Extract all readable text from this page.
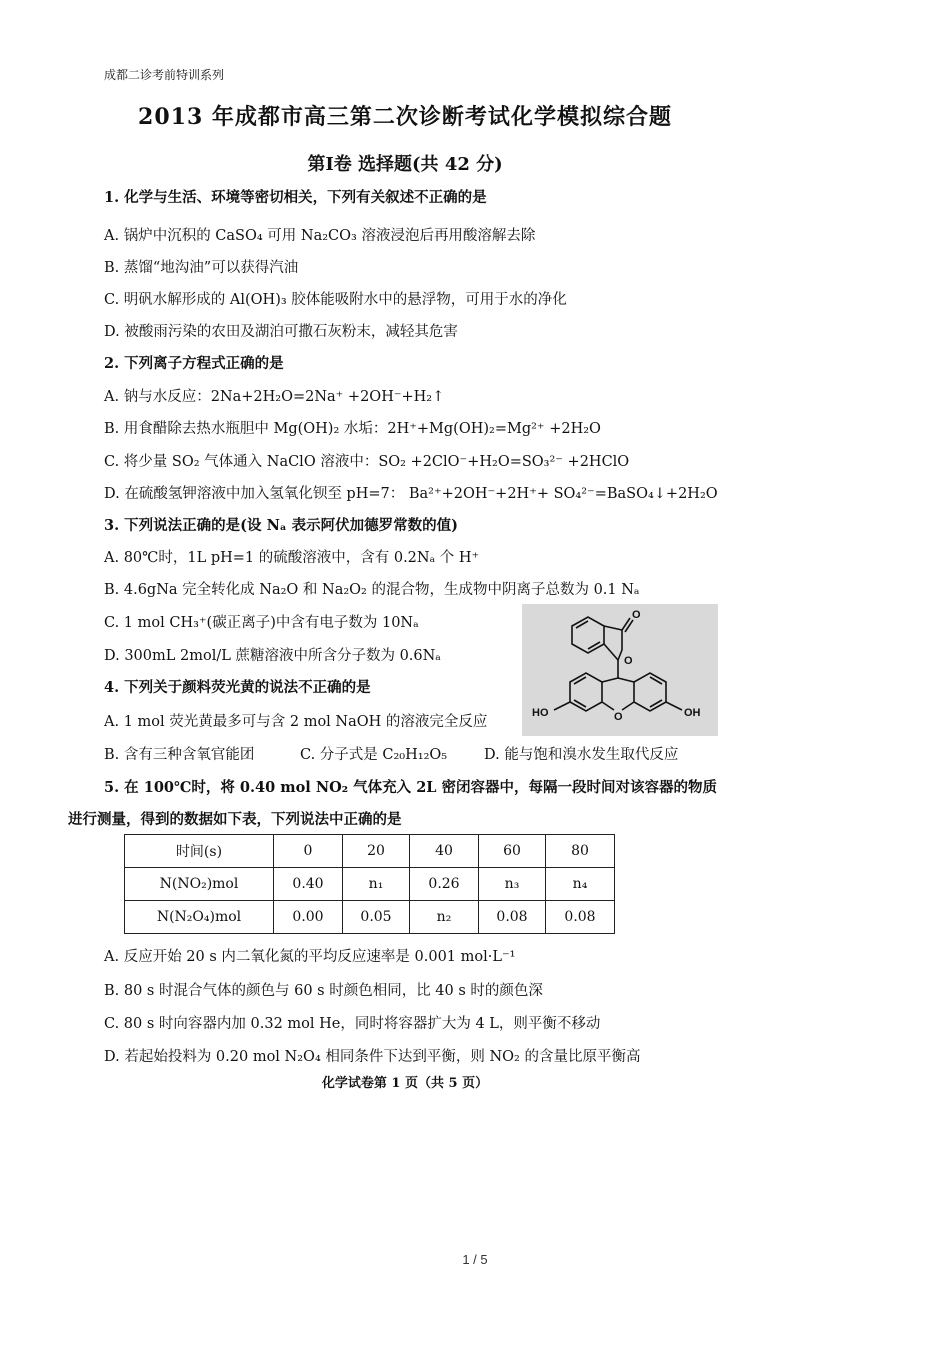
成都二诊考前特训系列
2013 年成都市高三第二次诊断考试化学模拟综合题
第Ⅰ卷 选择题(共 42 分)
1. 化学与生活、环境等密切相关，下列有关叙述不正确的是
A. 锅炉中沉积的 CaSO₄ 可用 Na₂CO₃ 溶液浸泡后再用酸溶解去除
B. 蒸馏“地沟油”可以获得汽油
C. 明矾水解形成的 Al(OH)₃ 胶体能吸附水中的悬浮物，可用于水的净化
D. 被酸雨污染的农田及湖泊可撒石灰粉末，减轻其危害
2. 下列离子方程式正确的是
A. 钠与水反应：2Na+2H₂O=2Na⁺ +2OH⁻+H₂↑
B. 用食醋除去热水瓶胆中 Mg(OH)₂ 水垢：2H⁺+Mg(OH)₂=Mg²⁺ +2H₂O
C. 将少量 SO₂ 气体通入 NaClO 溶液中：SO₂ +2ClO⁻+H₂O=SO₃²⁻ +2HClO
D. 在硫酸氢钾溶液中加入氢氧化钡至 pH=7： Ba²⁺+2OH⁻+2H⁺+ SO₄²⁻=BaSO₄↓+2H₂O
3. 下列说法正确的是(设 Nₐ 表示阿伏加德罗常数的值)
A. 80℃时，1L pH=1 的硫酸溶液中，含有 0.2Nₐ 个 H⁺
B. 4.6gNa 完全转化成 Na₂O 和 Na₂O₂ 的混合物，生成物中阴离子总数为 0.1 Nₐ
C. 1 mol CH₃⁺(碳正离子)中含有电子数为 10Nₐ
D. 300mL 2mol/L 蔗糖溶液中所含分子数为 0.6Nₐ
O
O
O
HO	OH
4. 下列关于颜料荧光黄的说法不正确的是
A. 1 mol 荧光黄最多可与含 2 mol NaOH 的溶液完全反应
B. 含有三种含氧官能团	C. 分子式是 C₂₀H₁₂O₅	D. 能与饱和溴水发生取代反应
5. 在 100℃时，将 0.40 mol NO₂ 气体充入 2L 密闭容器中，每隔一段时间对该容器的物质
进行测量，得到的数据如下表，下列说法中正确的是
时间(s)	0	20	40	60	80
N(NO₂)mol	0.40	n₁	0.26	n₃	n₄
N(N₂O₄)mol	0.00	0.05	n₂	0.08	0.08
A. 反应开始 20 s 内二氧化氮的平均反应速率是 0.001 mol·L⁻¹
B. 80 s 时混合气体的颜色与 60 s 时颜色相同，比 40 s 时的颜色深
C. 80 s 时向容器内加 0.32 mol He，同时将容器扩大为 4 L，则平衡不移动
D. 若起始投料为 0.20 mol N₂O₄ 相同条件下达到平衡，则 NO₂ 的含量比原平衡高
化学试卷第 1 页（共 5 页）
1 / 5
